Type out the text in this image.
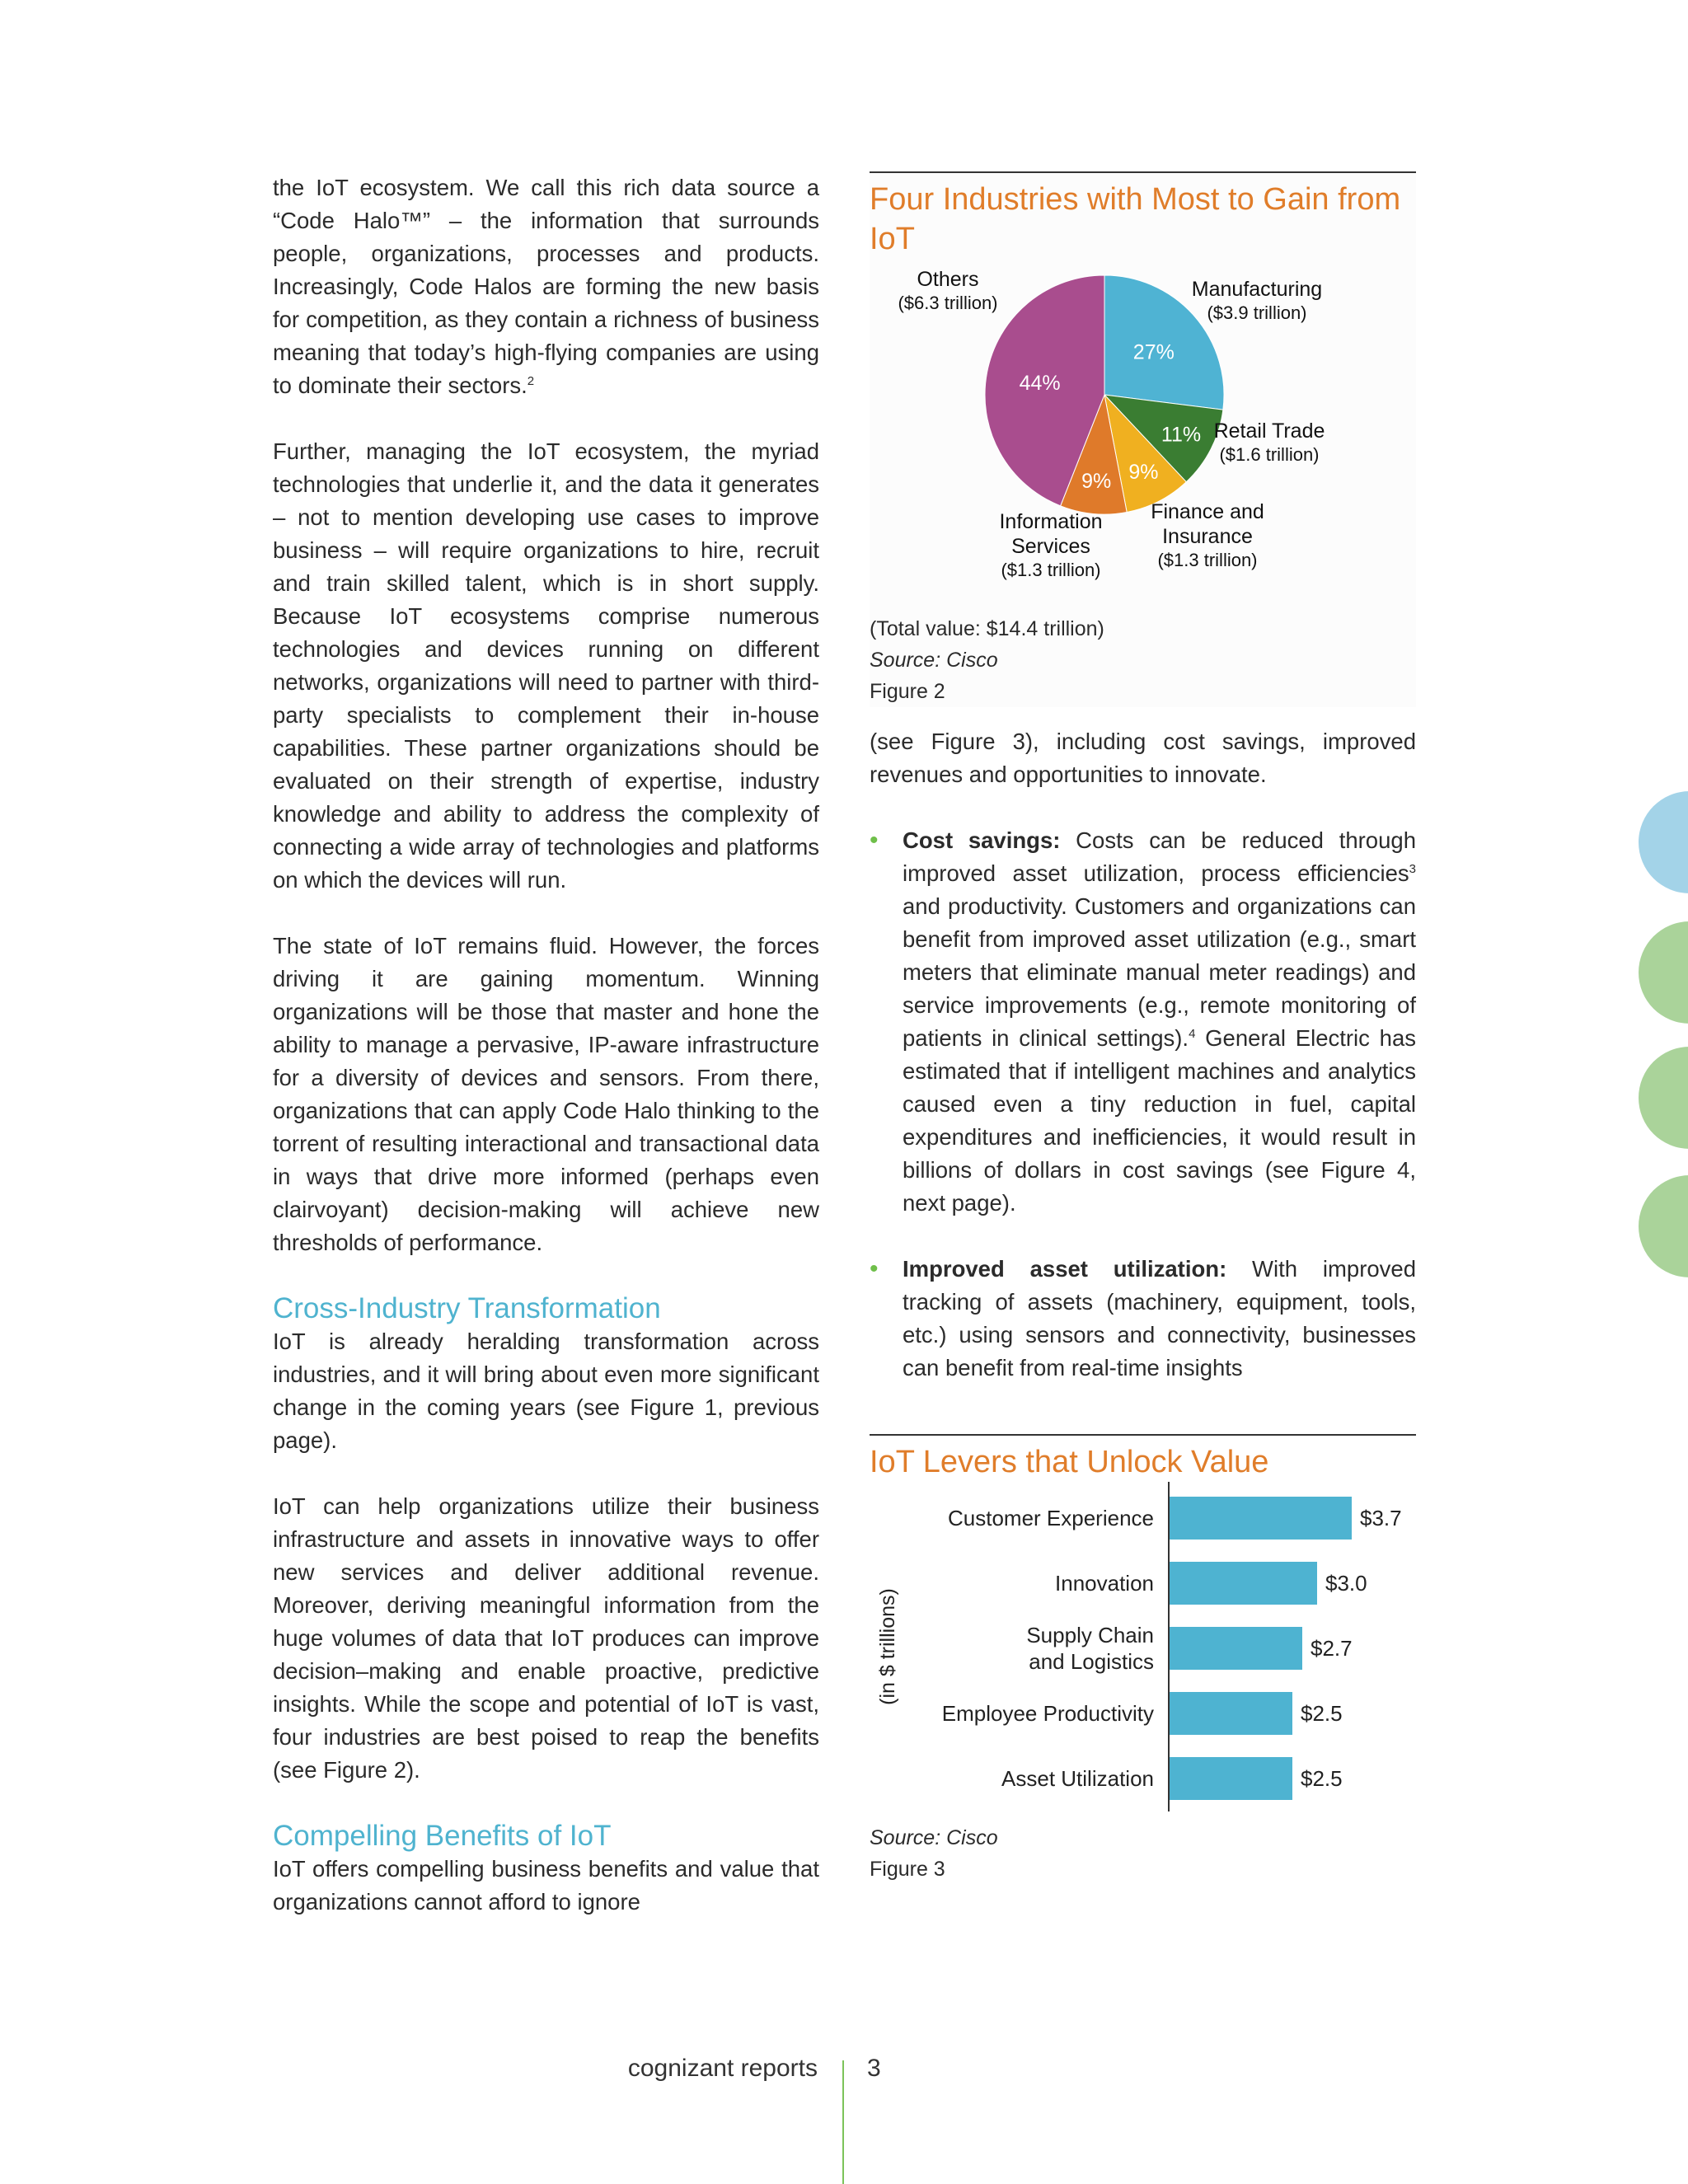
the IoT ecosystem. We call this rich data source a “Code Halo™” – the information that surrounds people, organizations, processes and products. Increasingly, Code Halos are forming the new basis for competition, as they contain a richness of business meaning that today’s high-flying companies are using to dominate their sectors.$^2$

Further, managing the IoT ecosystem, the myriad technologies that underlie it, and the data it generates – not to mention developing use cases to improve business – will require organizations to hire, recruit and train skilled talent, which is in short supply. Because IoT ecosystems comprise numerous technologies and devices running on different networks, organizations will need to partner with third-party specialists to complement their in-house capabilities. These partner organizations should be evaluated on their strength of expertise, industry knowledge and ability to address the complexity of connecting a wide array of technologies and platforms on which the devices will run.

The state of IoT remains fluid. However, the forces driving it are gaining momentum. Winning organizations will be those that master and hone the ability to manage a pervasive, IP-aware infrastructure for a diversity of devices and sensors. From there, organizations that can apply Code Halo thinking to the torrent of resulting interactional and transactional data in ways that drive more informed (perhaps even clairvoyant) decision-making will achieve new thresholds of performance.

Cross-Industry Transformation

IoT is already heralding transformation across industries, and it will bring about even more significant change in the coming years (see Figure 1, previous page).

IoT can help organizations utilize their business infrastructure and assets in innovative ways to offer new services and deliver additional revenue. Moreover, deriving meaningful information from the huge volumes of data that IoT produces can improve decision–making and enable proactive, predictive insights. While the scope and potential of IoT is vast, four industries are best poised to reap the benefits (see Figure 2).

Compelling Benefits of IoT

IoT offers compelling business benefits and value that organizations cannot afford to ignore

Four Industries with Most to Gain from IoT
27%
11%
9%
9%
44%
Manufacturing
($3.9 trillion)
Retail Trade
($1.6 trillion)
Finance and Insurance
($1.3 trillion)
Information Services
($1.3 trillion)
Others
($6.3 trillion)
(Total value: $14.4 trillion)
Source: Cisco
Figure 2

(see Figure 3), including cost savings, improved revenues and opportunities to innovate.

• Cost savings: Costs can be reduced through improved asset utilization, process efficiencies$^3$ and productivity. Customers and organizations can benefit from improved asset utilization (e.g., smart meters that eliminate manual meter readings) and service improvements (e.g., remote monitoring of patients in clinical settings).$^4$ General Electric has estimated that if intelligent machines and analytics caused even a tiny reduction in fuel, capital expenditures and inefficiencies, it would result in billions of dollars in cost savings (see Figure 4, next page).
• Improved asset utilization: With improved tracking of assets (machinery, equipment, tools, etc.) using sensors and connectivity, businesses can benefit from real-time insights
IoT Levers that Unlock Value
(in $ trillions)
$3.7
Customer Experience
$3.0
Innovation
$2.7
Supply Chain and Logistics
$2.5
Employee Productivity
$2.5
Asset Utilization
Source: Cisco
Figure 3
cognizant reports 3
